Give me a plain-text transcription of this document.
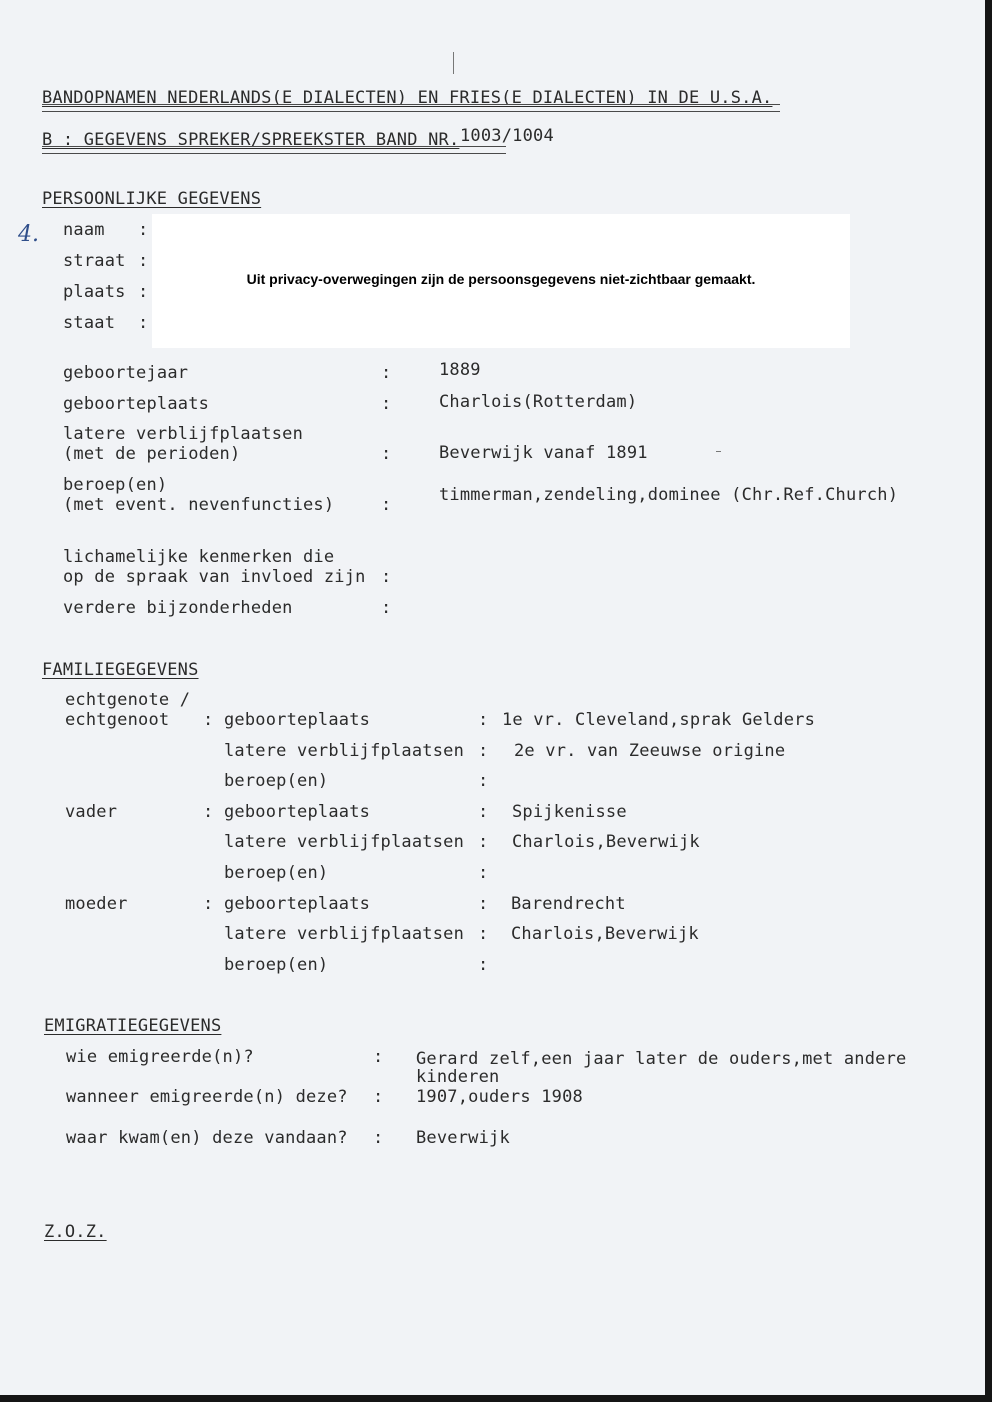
BANDOPNAMEN NEDERLANDS(E DIALECTEN) EN FRIES(E DIALECTEN) IN DE U.S.A.
B : GEGEVENS SPREKER/SPREEKSTER BAND NR. 1003/1004
PERSOONLIJKE GEGEVENS
4. naam :
straat :
plaats :
staat :
Uit privacy-overwegingen zijn de persoonsgegevens niet-zichtbaar gemaakt.
geboortejaar	:	1889
geboorteplaats	:	Charlois(Rotterdam)
latere verblijfplaatsen
(met de perioden)	:	Beverwijk vanaf 1891
beroep(en)
(met event. nevenfuncties)	:	timmerman,zendeling,dominee (Chr.Ref.Church)
lichamelijke kenmerken die
op de spraak van invloed zijn :
verdere bijzonderheden	:
FAMILIEGEGEVENS
echtgenote /
echtgenoot : geboorteplaats	: 1e vr. Cleveland,sprak Gelders
latere verblijfplaatsen : 2e vr. van Zeeuwse origine
beroep(en)	:
vader	: geboorteplaats	: Spijkenisse
latere verblijfplaatsen : Charlois,Beverwijk
beroep(en)	:
moeder	: geboorteplaats	: Barendrecht
latere verblijfplaatsen : Charlois,Beverwijk
beroep(en)	:
EMIGRATIEGEGEVENS
wie emigreerde(n)?	: Gerard zelf,een jaar later de ouders,met andere
kinderen
wanneer emigreerde(n) deze? : 1907,ouders 1908
waar kwam(en) deze vandaan? : Beverwijk
Z.O.Z.
